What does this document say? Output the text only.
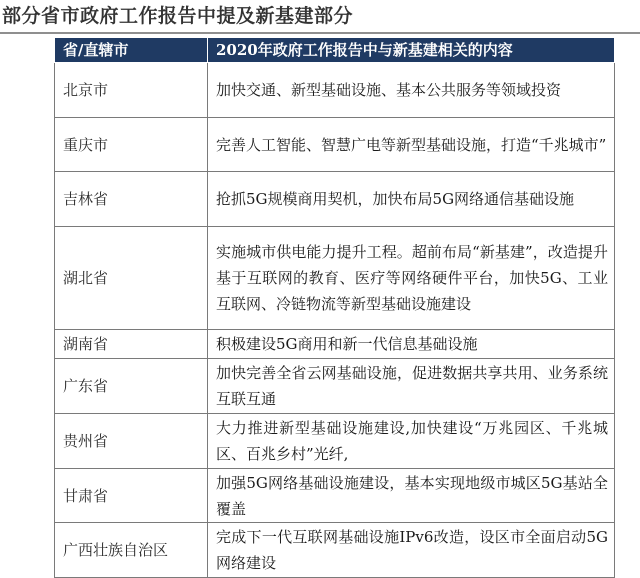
部分省市政府工作报告中提及新基建部分
省/直辖市	2020年政府工作报告中与新基建相关的内容
北京市	加快交通、新型基础设施、基本公共服务等领域投资
重庆市	完善人工智能、智慧广电等新型基础设施，打造“千兆城市”
吉林省	抢抓5G规模商用契机，加快布局5G网络通信基础设施
湖北省	实施城市供电能力提升工程。超前布局“新基建”，改造提升基于互联网的教育、医疗等网络硬件平台，加快5G、工业互联网、冷链物流等新型基础设施建设
湖南省	积极建设5G商用和新一代信息基础设施
广东省	加快完善全省云网基础设施，促进数据共享共用、业务系统互联互通
贵州省	大力推进新型基础设施建设,加快建设“万兆园区、千兆城区、百兆乡村”光纤,
甘肃省	加强5G网络基础设施建设，基本实现地级市城区5G基站全覆盖
广西壮族自治区	完成下一代互联网基础设施IPv6改造，设区市全面启动5G网络建设
